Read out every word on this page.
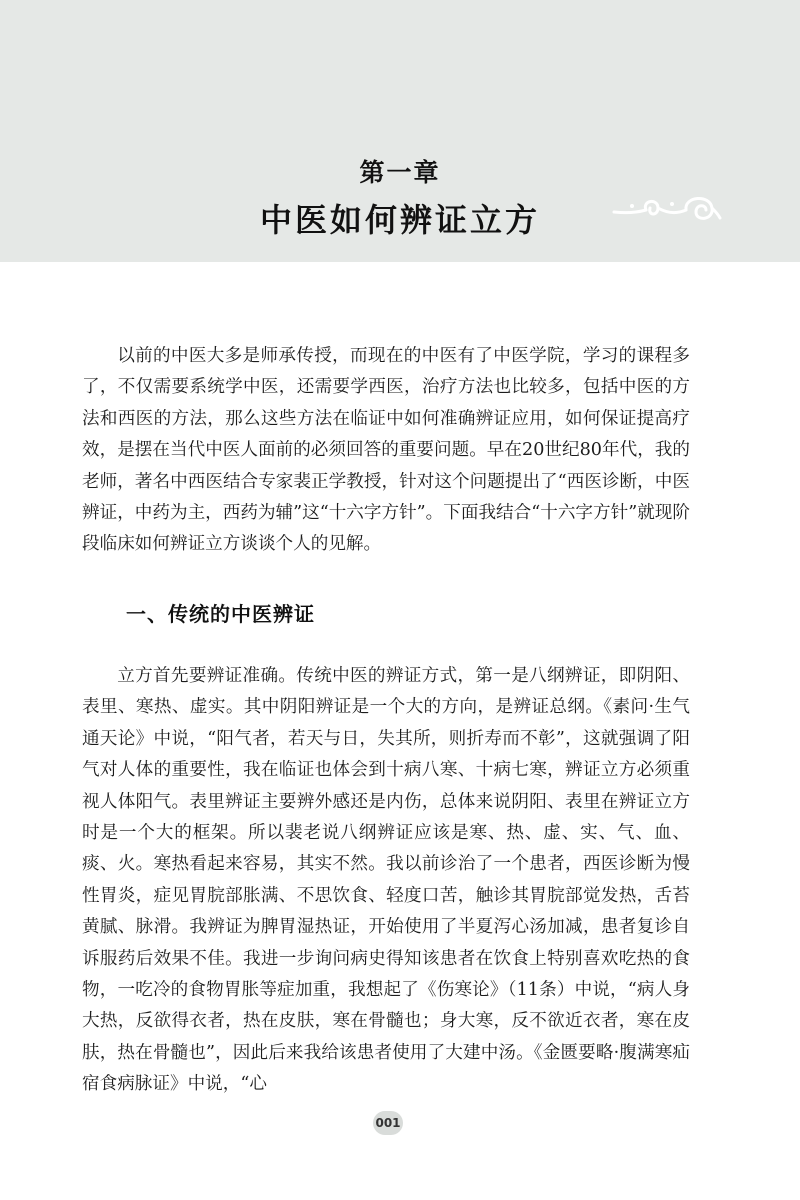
第一章
中医如何辨证立方

以前的中医大多是师承传授，而现在的中医有了中医学院，学习的课程多了，不仅需要系统学中医，还需要学西医，治疗方法也比较多，包括中医的方法和西医的方法，那么这些方法在临证中如何准确辨证应用，如何保证提高疗效，是摆在当代中医人面前的必须回答的重要问题。早在20世纪80年代，我的老师，著名中西医结合专家裴正学教授，针对这个问题提出了“西医诊断，中医辨证，中药为主，西药为辅”这“十六字方针”。下面我结合“十六字方针”就现阶段临床如何辨证立方谈谈个人的见解。

一、传统的中医辨证

立方首先要辨证准确。传统中医的辨证方式，第一是八纲辨证，即阴阳、表里、寒热、虚实。其中阴阳辨证是一个大的方向，是辨证总纲。《素问·生气通天论》中说，“阳气者，若天与日，失其所，则折寿而不彰”，这就强调了阳气对人体的重要性，我在临证也体会到十病八寒、十病七寒，辨证立方必须重视人体阳气。表里辨证主要辨外感还是内伤，总体来说阴阳、表里在辨证立方时是一个大的框架。所以裴老说八纲辨证应该是寒、热、虚、实、气、血、痰、火。寒热看起来容易，其实不然。我以前诊治了一个患者，西医诊断为慢性胃炎，症见胃脘部胀满、不思饮食、轻度口苦，触诊其胃脘部觉发热，舌苔黄腻、脉滑。我辨证为脾胃湿热证，开始使用了半夏泻心汤加减，患者复诊自诉服药后效果不佳。我进一步询问病史得知该患者在饮食上特别喜欢吃热的食物，一吃冷的食物胃胀等症加重，我想起了《伤寒论》（11条）中说，“病人身大热，反欲得衣者，热在皮肤，寒在骨髓也；身大寒，反不欲近衣者，寒在皮肤，热在骨髓也”，因此后来我给该患者使用了大建中汤。《金匮要略·腹满寒疝宿食病脉证》中说，“心

001
